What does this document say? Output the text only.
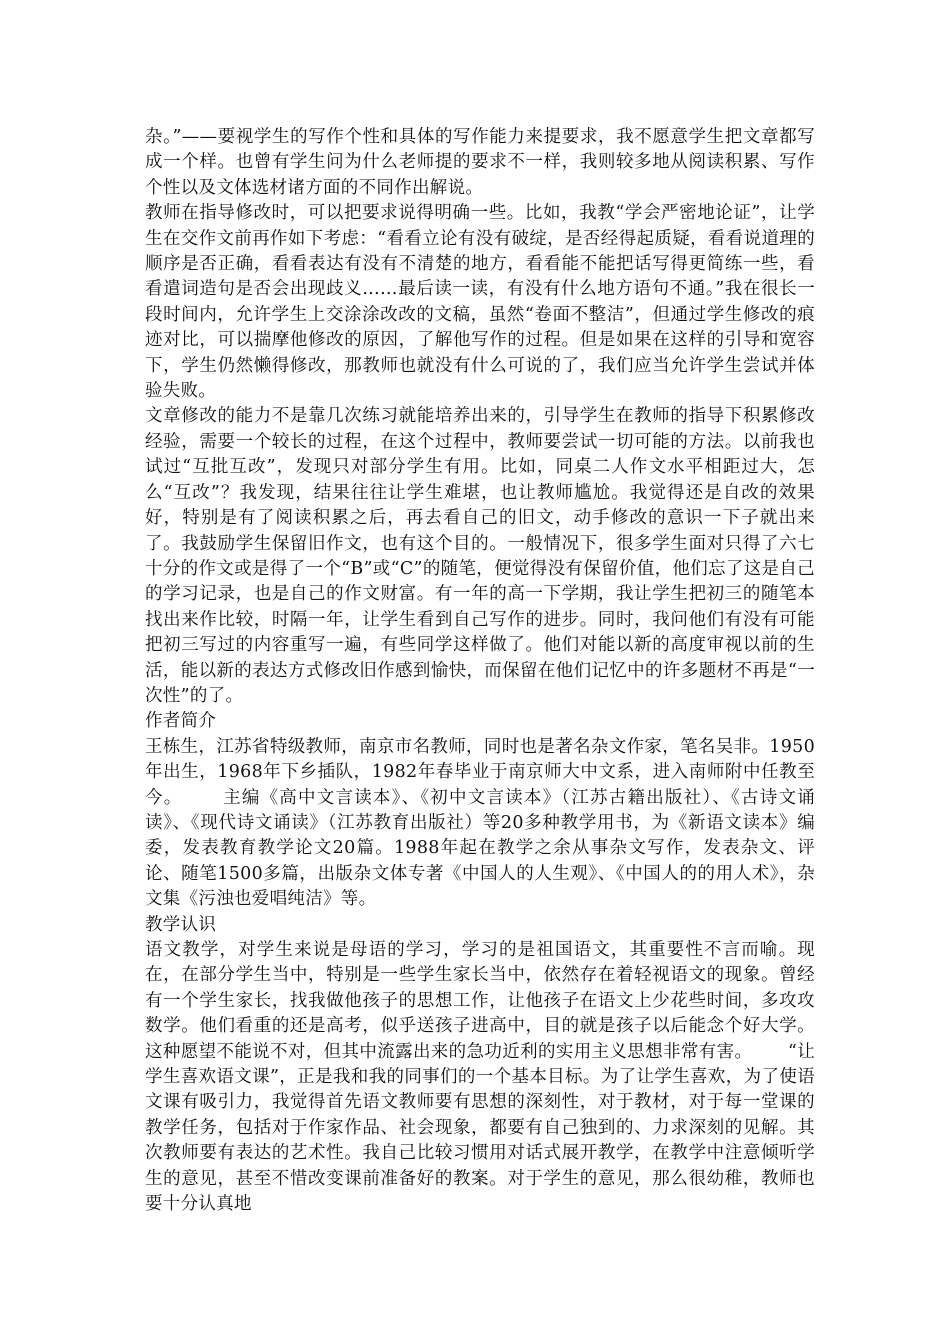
杂。”——要视学生的写作个性和具体的写作能力来提要求，我不愿意学生把文章都写成一个样。也曾有学生问为什么老师提的要求不一样，我则较多地从阅读积累、写作个性以及文体选材诸方面的不同作出解说。

教师在指导修改时，可以把要求说得明确一些。比如，我教“学会严密地论证”，让学生在交作文前再作如下考虑：“看看立论有没有破绽，是否经得起质疑，看看说道理的顺序是否正确，看看表达有没有不清楚的地方，看看能不能把话写得更简练一些，看看遣词造句是否会出现歧义……最后读一读，有没有什么地方语句不通。”我在很长一段时间内，允许学生上交涂涂改改的文稿，虽然“卷面不整洁”，但通过学生修改的痕迹对比，可以揣摩他修改的原因，了解他写作的过程。但是如果在这样的引导和宽容下，学生仍然懒得修改，那教师也就没有什么可说的了，我们应当允许学生尝试并体验失败。

文章修改的能力不是靠几次练习就能培养出来的，引导学生在教师的指导下积累修改经验，需要一个较长的过程，在这个过程中，教师要尝试一切可能的方法。以前我也试过“互批互改”，发现只对部分学生有用。比如，同桌二人作文水平相距过大，怎么“互改”？我发现，结果往往让学生难堪，也让教师尴尬。我觉得还是自改的效果好，特别是有了阅读积累之后，再去看自己的旧文，动手修改的意识一下子就出来了。我鼓励学生保留旧作文，也有这个目的。一般情况下，很多学生面对只得了六七十分的作文或是得了一个“B”或“C”的随笔，便觉得没有保留价值，他们忘了这是自己的学习记录，也是自己的作文财富。有一年的高一下学期，我让学生把初三的随笔本找出来作比较，时隔一年，让学生看到自己写作的进步。同时，我问他们有没有可能把初三写过的内容重写一遍，有些同学这样做了。他们对能以新的高度审视以前的生活，能以新的表达方式修改旧作感到愉快，而保留在他们记忆中的许多题材不再是“一次性”的了。

作者简介

王栋生，江苏省特级教师，南京市名教师，同时也是著名杂文作家，笔名吴非。1950年出生，1968年下乡插队，1982年春毕业于南京师大中文系，进入南师附中任教至今。      主编《高中文言读本》、《初中文言读本》（江苏古籍出版社）、《古诗文诵读》、《现代诗文诵读》（江苏教育出版社）等20多种教学用书，为《新语文读本》编委，发表教育教学论文20篇。1988年起在教学之余从事杂文写作，发表杂文、评论、随笔1500多篇，出版杂文体专著《中国人的人生观》、《中国人的的用人术》，杂文集《污浊也爱唱纯洁》等。

教学认识

语文教学，对学生来说是母语的学习，学习的是祖国语文，其重要性不言而喻。现在，在部分学生当中，特别是一些学生家长当中，依然存在着轻视语文的现象。曾经有一个学生家长，找我做他孩子的思想工作，让他孩子在语文上少花些时间，多攻攻数学。他们看重的还是高考，似乎送孩子进高中，目的就是孩子以后能念个好大学。这种愿望不能说不对，但其中流露出来的急功近利的实用主义思想非常有害。      “让学生喜欢语文课”，正是我和我的同事们的一个基本目标。为了让学生喜欢，为了使语文课有吸引力，我觉得首先语文教师要有思想的深刻性，对于教材，对于每一堂课的教学任务，包括对于作家作品、社会现象，都要有自己独到的、力求深刻的见解。其次教师要有表达的艺术性。我自己比较习惯用对话式展开教学，在教学中注意倾听学生的意见，甚至不惜改变课前准备好的教案。对于学生的意见，那么很幼稚，教师也要十分认真地
